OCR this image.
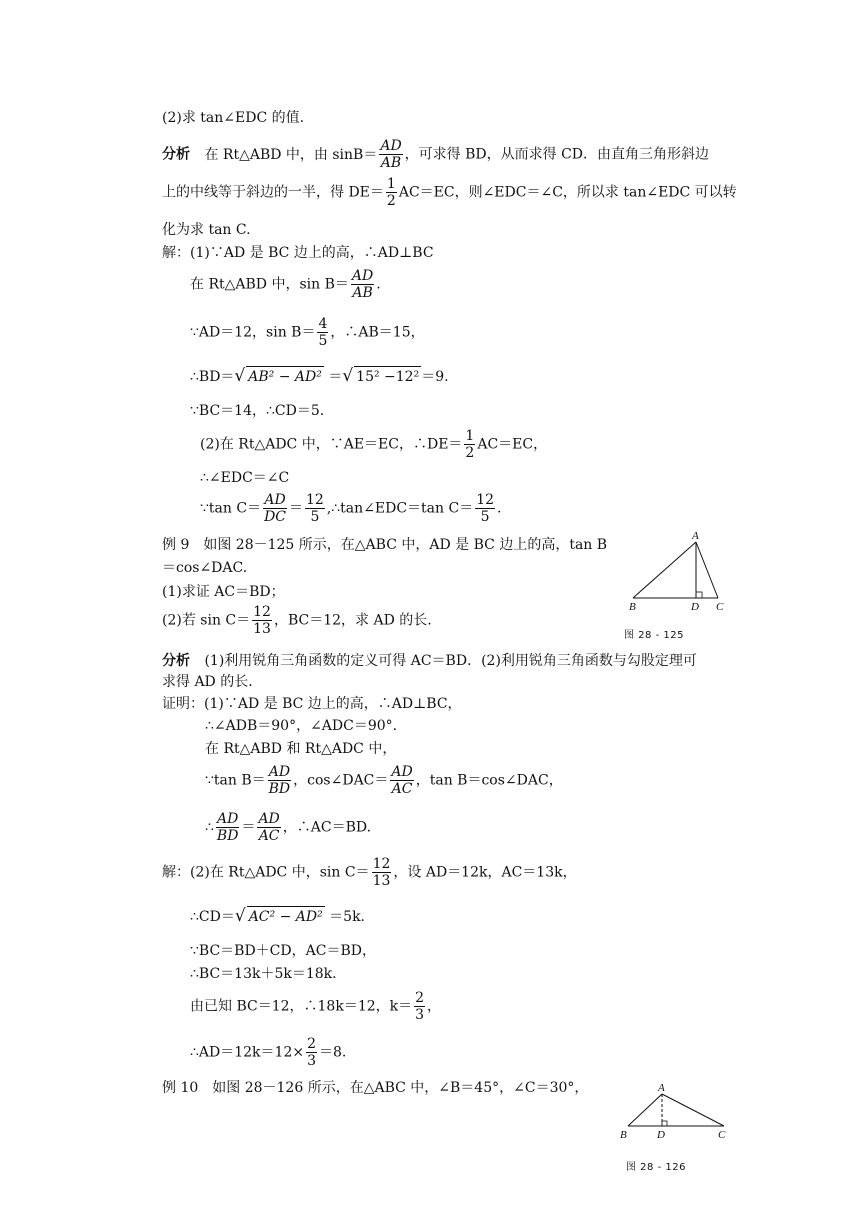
(2)求 tan∠EDC 的值.
分析 在 Rt△ABD 中，由 $\sin B= \frac{AD}{AB}$ ，可求得 BD，从而求得 CD．由直角三角形斜边
上的中线等于斜边的一半，得 $DE= \frac{1}{2} AC=EC$，则∠EDC＝∠C，所以求 tan∠EDC 可以转
化为求 tan C.
解：(1)∵AD 是 BC 边上的高，∴AD⊥BC
在 Rt△ABD 中，$\sin B= \frac{AD}{AB}$ .
∵AD＝12，$\sin B= \frac{4}{5}$ ，∴AB＝15，
∴BD＝√ AB² − AD² ＝√ 15² −12² ＝9.
∵BC＝14，∴CD＝5.
(2)在 Rt△ADC 中，∵AE＝EC，∴DE＝ $\frac{1}{2} AC=EC$，
∴∠EDC＝∠C
∵tan $C= \frac{AD}{DC} = \frac{12}{5}$ ,∴tan∠EDC＝tan $C= \frac{12}{5}$ .
例 9　如图 28－125 所示，在△ABC 中，AD 是 BC 边上的高，tan B
＝cos∠DAC.
(1)求证 AC＝BD；
(2)若 $\sin C= \frac{12}{13}$ ，BC＝12，求 AD 的长.
A
B	D C
图 28 - 125
分析 (1)利用锐角三角函数的定义可得 AC＝BD．(2)利用锐角三角函数与勾股定理可
求得 AD 的长.
证明：(1)∵AD 是 BC 边上的高，∴AD⊥BC，
∴∠ADB＝90°，∠ADC＝90°.
在 Rt△ABD 和 Rt△ADC 中，
∵tan $B= \frac{AD}{BD}$ ，cos∠DAC＝ $\frac{AD}{AC}$ ，tan B＝cos∠DAC，
∴ $\frac{AD}{BD} = \frac{AD}{AC}$ ，∴AC＝BD.
解：(2)在 Rt△ADC 中，$\sin C= \frac{12}{13}$ ，设 AD＝12k，AC＝13k，
∴CD＝√ AC² − AD² ＝5k.
∵BC＝BD＋CD，AC＝BD，
∴BC＝13k＋5k＝18k.
由已知 BC＝12，∴18k＝12，$k= \frac{2}{3}$ ，
∴AD＝12k＝12× $\frac{2}{3} =8$.
例 10　如图 28－126 所示，在△ABC 中，∠B＝45°，∠C＝30°，	A
B	D	C
图 28 - 126
